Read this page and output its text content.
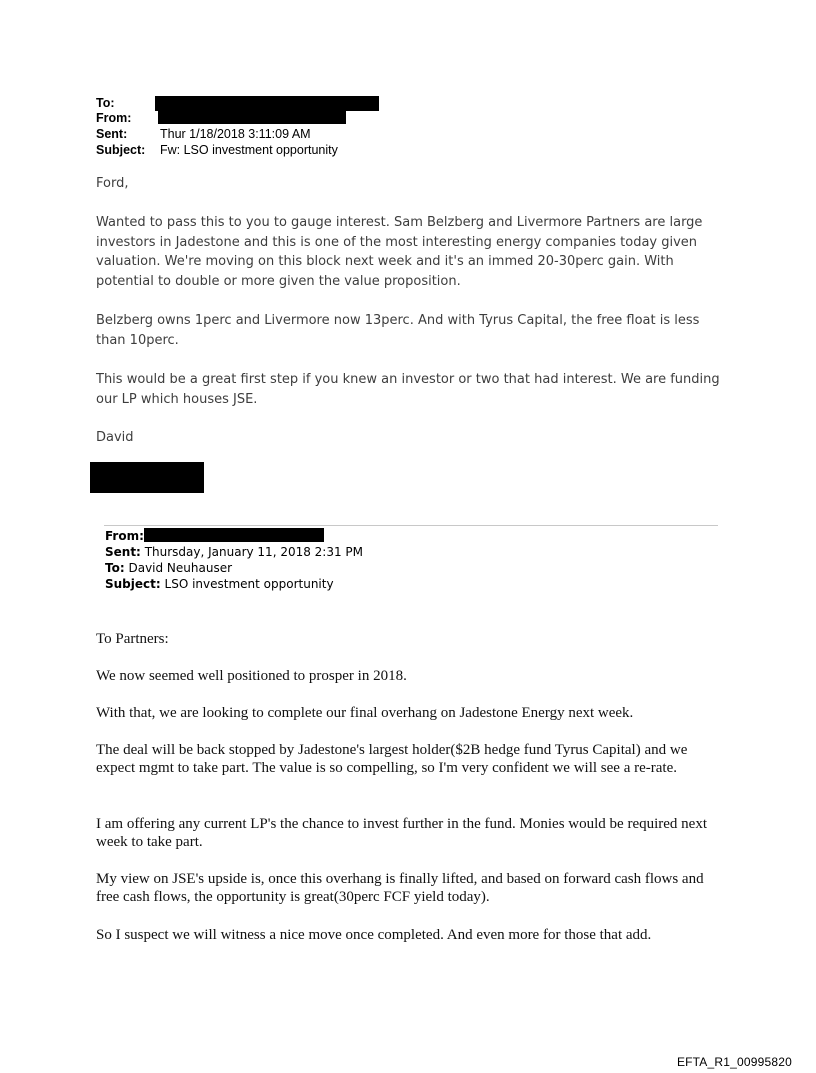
To:
From:
Sent:	Thur 1/18/2018 3:11:09 AM
Subject: Fw: LSO investment opportunity

Ford,

Wanted to pass this to you to gauge interest. Sam Belzberg and Livermore Partners are large investors in Jadestone and this is one of the most interesting energy companies today given valuation. We're moving on this block next week and it's an immed 20-30perc gain. With potential to double or more given the value proposition.

Belzberg owns 1perc and Livermore now 13perc. And with Tyrus Capital, the free float is less than 10perc.

This would be a great first step if you knew an investor or two that had interest. We are funding our LP which houses JSE.

David

From:
Sent: Thursday, January 11, 2018 2:31 PM
To: David Neuhauser
Subject: LSO investment opportunity

To Partners:

We now seemed well positioned to prosper in 2018.

With that, we are looking to complete our final overhang on Jadestone Energy next week.

The deal will be back stopped by Jadestone's largest holder($2B hedge fund Tyrus Capital) and we expect mgmt to take part. The value is so compelling, so I'm very confident we will see a re-rate.

I am offering any current LP's the chance to invest further in the fund. Monies would be required next week to take part.

My view on JSE's upside is, once this overhang is finally lifted, and based on forward cash flows and free cash flows, the opportunity is great(30perc FCF yield today).

So I suspect we will witness a nice move once completed. And even more for those that add.

EFTA_R1_00995820
